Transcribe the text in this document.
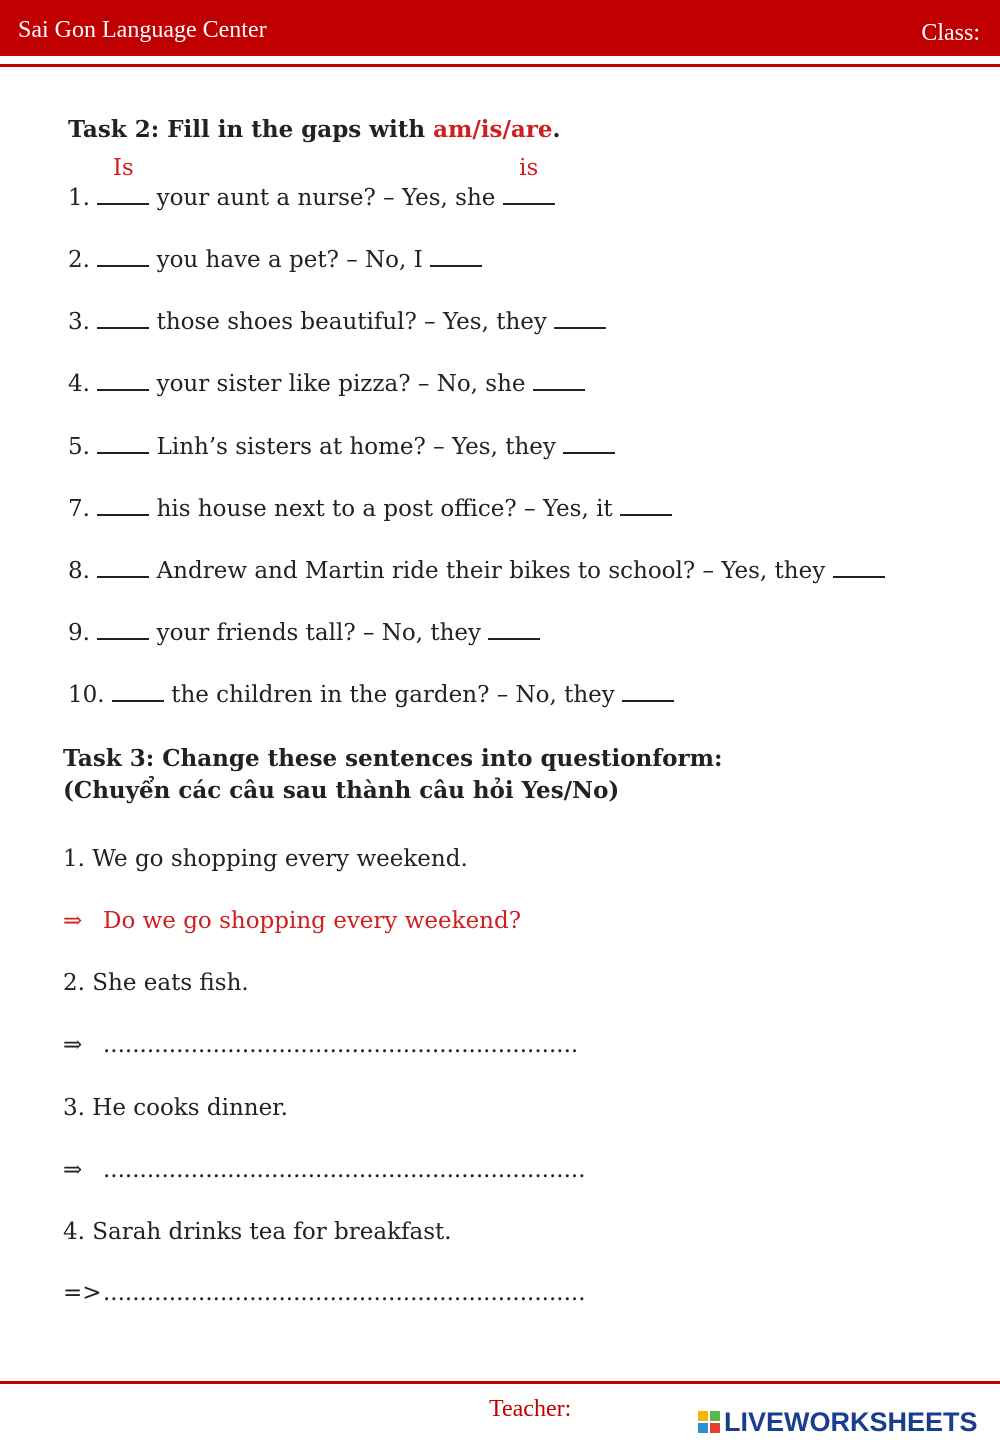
Sai Gon Language Center	Class:
Task 2: Fill in the gaps with am/is/are.
1.
Is
your aunt a nurse? – Yes, she
is
2.	you have a pet? – No, I
3.	those shoes beautiful? – Yes, they
4.	your sister like pizza? – No, she
5.	Linh’s sisters at home? – Yes, they
7.	his house next to a post office? – Yes, it
8.	Andrew and Martin ride their bikes to school? – Yes, they
9.	your friends tall? – No, they
10.	the children in the garden? – No, they
Task 3: Change these sentences into questionform:
(Chuyển các câu sau thành câu hỏi Yes/No)
1. We go shopping every weekend.
⇒ Do we go shopping every weekend?
2. She eats fish.
⇒ .................................................................
3. He cooks dinner.
⇒ ..................................................................
4. Sarah drinks tea for breakfast.
=>..................................................................
Teacher:	LIVEWORKSHEETS
